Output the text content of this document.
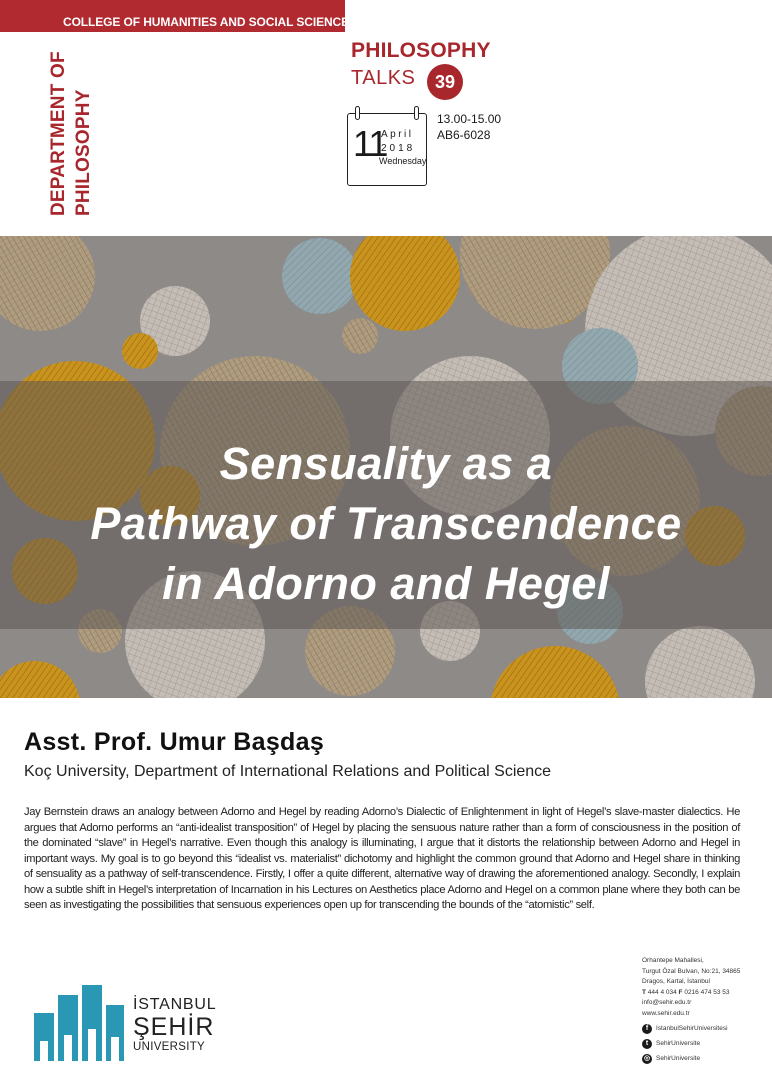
COLLEGE OF HUMANITIES AND SOCIAL SCIENCES
DEPARTMENT OF PHILOSOPHY
PHILOSOPHY
TALKS	39
11
April
2018
Wednesday
13.00-15.00
AB6-6028
Sensuality as a
Pathway of Transcendence
in Adorno and Hegel
Asst. Prof. Umur Başdaş
Koç University, Department of International Relations and Political Science

Jay Bernstein draws an analogy between Adorno and Hegel by reading Adorno’s Dialectic of Enlightenment in light of Hegel’s slave-master dialectics. He argues that Adorno performs an “anti-idealist transposition” of Hegel by placing the sensuous nature rather than a form of consciousness in the position of the dominated “slave” in Hegel’s narrative. Even though this analogy is illuminating, I argue that it distorts the relationship between Adorno and Hegel in important ways. My goal is to go beyond this “idealist vs. materialist” dichotomy and highlight the common ground that Adorno and Hegel share in thinking of sensuality as a pathway of self-transcendence. Firstly, I offer a quite different, alternative way of drawing the aforementioned analogy. Secondly, I explain how a subtle shift in Hegel’s interpretation of Incarnation in his Lectures on Aesthetics place Adorno and Hegel on a common plane where they both can be seen as investigating the possibilities that sensuous experiences open up for transcending the bounds of the “atomistic” self.

Orhantepe Mahallesi,
Turgut Özal Bulvarı, No:21, 34865
Dragos, Kartal, İstanbul
T 444 4 034 F 0216 474 53 53
info@sehir.edu.tr
www.sehir.edu.tr
f	IstanbulSehirUniversitesi
t	SehirUniversite
◎ SehirUniversite
İSTANBUL
ŞEHİR
UNIVERSITY
